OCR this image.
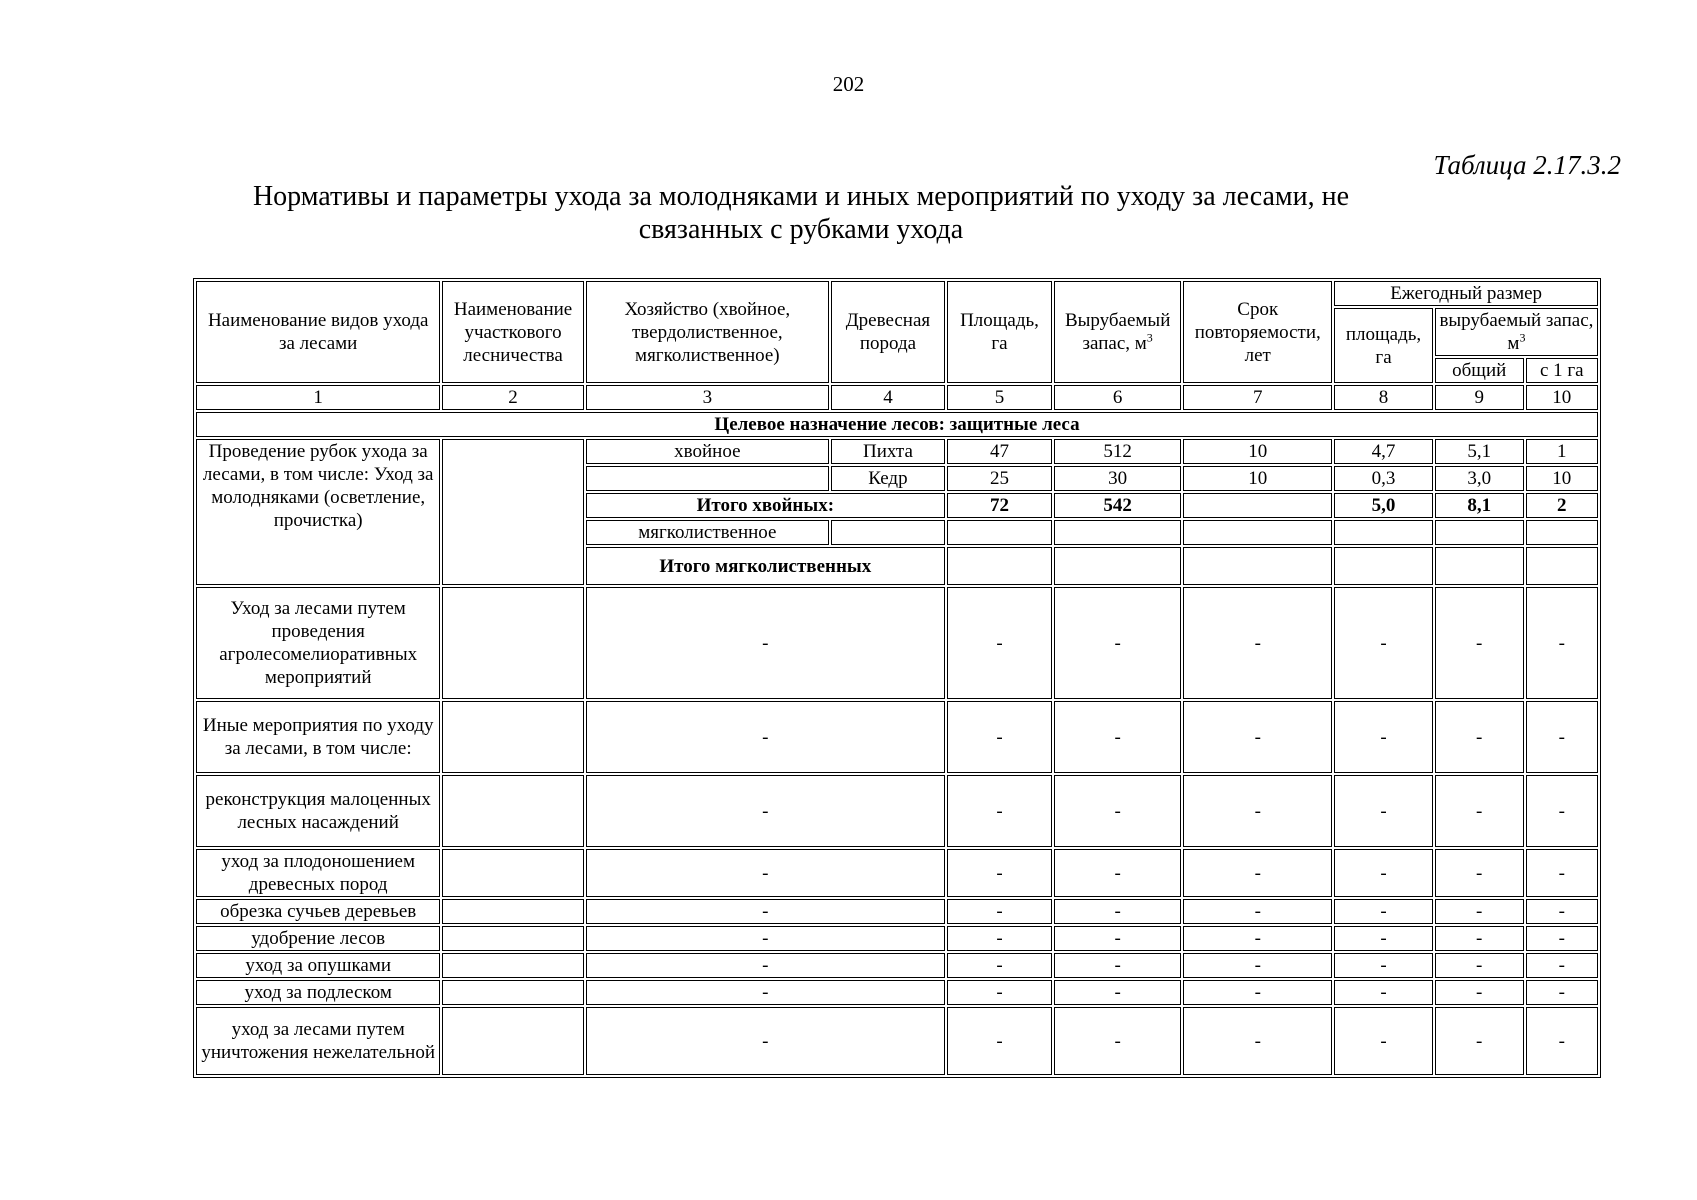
202
Таблица 2.17.3.2
Нормативы и параметры ухода за молодняками и иных мероприятий по уходу за лесами, не связанных с рубками ухода
Наименование видов ухода за лесами	Наименование участкового лесничества	Хозяйство (хвойное, твердолиственное, мягколиственное)	Древесная порода	Площадь, га	Вырубаемый запас, $м^3$	Срок повторяемости, лет	Ежегодный размер		
							площадь, га	вырубаемый запас, $м^3$
								общий	с 1 га
1	2	3	4	5	6	7	8	9	10
Целевое назначение лесов: защитные леса									
Проведение рубок ухода за лесами, в том числе: Уход за молодняками (осветление, прочистка)		хвойное	Пихта	47	512	10	4,7	5,1	1
			Кедр	25	30	10	0,3	3,0	10
		Итого хвойных:		72	542		5,0	8,1	2
		мягколиственное							
		Итого мягколиственных							
Уход за лесами путем проведения агролесомелиоративных мероприятий		-		-	-	-	-	-	-
Иные мероприятия по уходу за лесами, в том числе:		-		-	-	-	-	-	-
реконструкция малоценных лесных насаждений		-		-	-	-	-	-	-
уход за плодоношением древесных пород		-		-	-	-	-	-	-
обрезка сучьев деревьев		-		-	-	-	-	-	-
удобрение лесов		-		-	-	-	-	-	-
уход за опушками		-		-	-	-	-	-	-
уход за подлеском		-		-	-	-	-	-	-
уход за лесами путем уничтожения нежелательной		-		-	-	-	-	-	-
